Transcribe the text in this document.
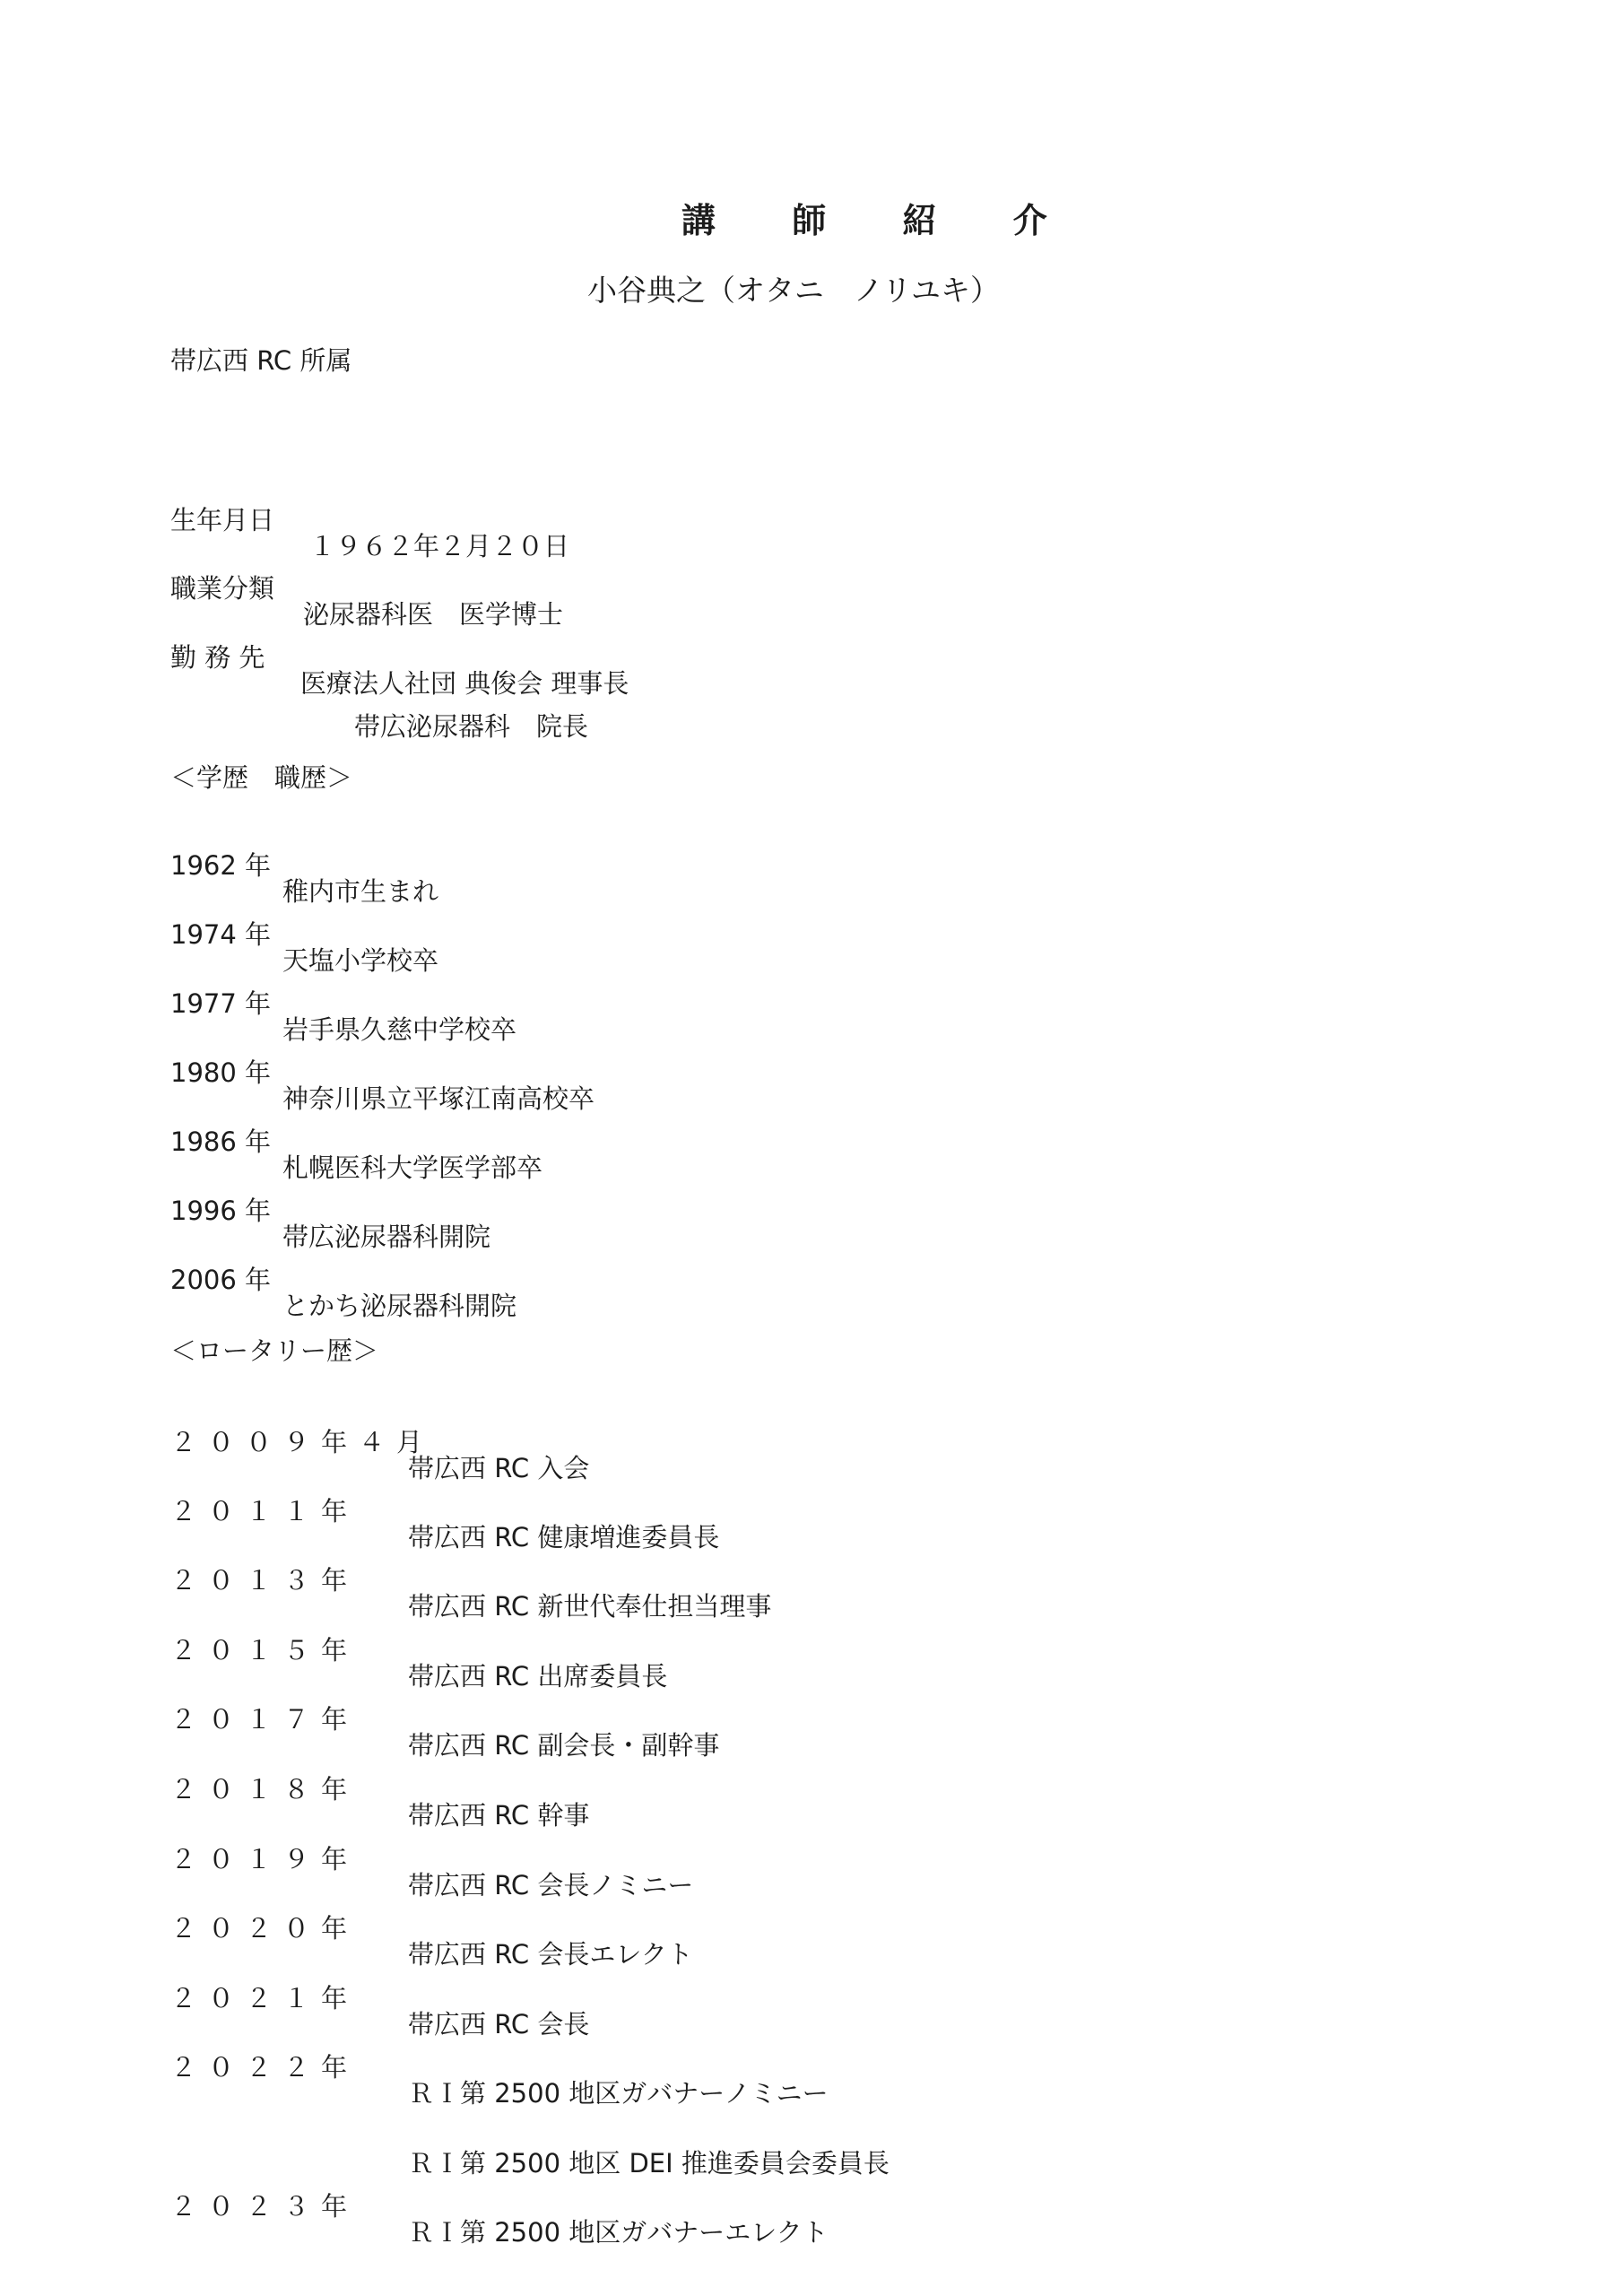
講 師 紹 介
小谷典之（オタニ　ノリユキ）
帯広西 RC 所属

生年月日

１９６２年２月２０日

職業分類

泌尿器科医　医学博士

勤 務 先

医療法人社団 典俊会 理事長

帯広泌尿器科　院長

＜学歴　職歴＞

1962 年

稚内市生まれ

1974 年

天塩小学校卒

1977 年

岩手県久慈中学校卒

1980 年

神奈川県立平塚江南高校卒

1986 年

札幌医科大学医学部卒

1996 年

帯広泌尿器科開院

2006 年

とかち泌尿器科開院

＜ロータリー歴＞

２００９年４月

帯広西 RC 入会

２０１１年

帯広西 RC 健康増進委員長

２０１３年

帯広西 RC 新世代奉仕担当理事

２０１５年

帯広西 RC 出席委員長

２０１７年

帯広西 RC 副会長・副幹事

２０１８年

帯広西 RC 幹事

２０１９年

帯広西 RC 会長ノミニー

２０２０年

帯広西 RC 会長エレクト

２０２１年

帯広西 RC 会長

２０２２年

ＲＩ第 2500 地区ガバナーノミニー

ＲＩ第 2500 地区 DEI 推進委員会委員長

２０２３年

ＲＩ第 2500 地区ガバナーエレクト
